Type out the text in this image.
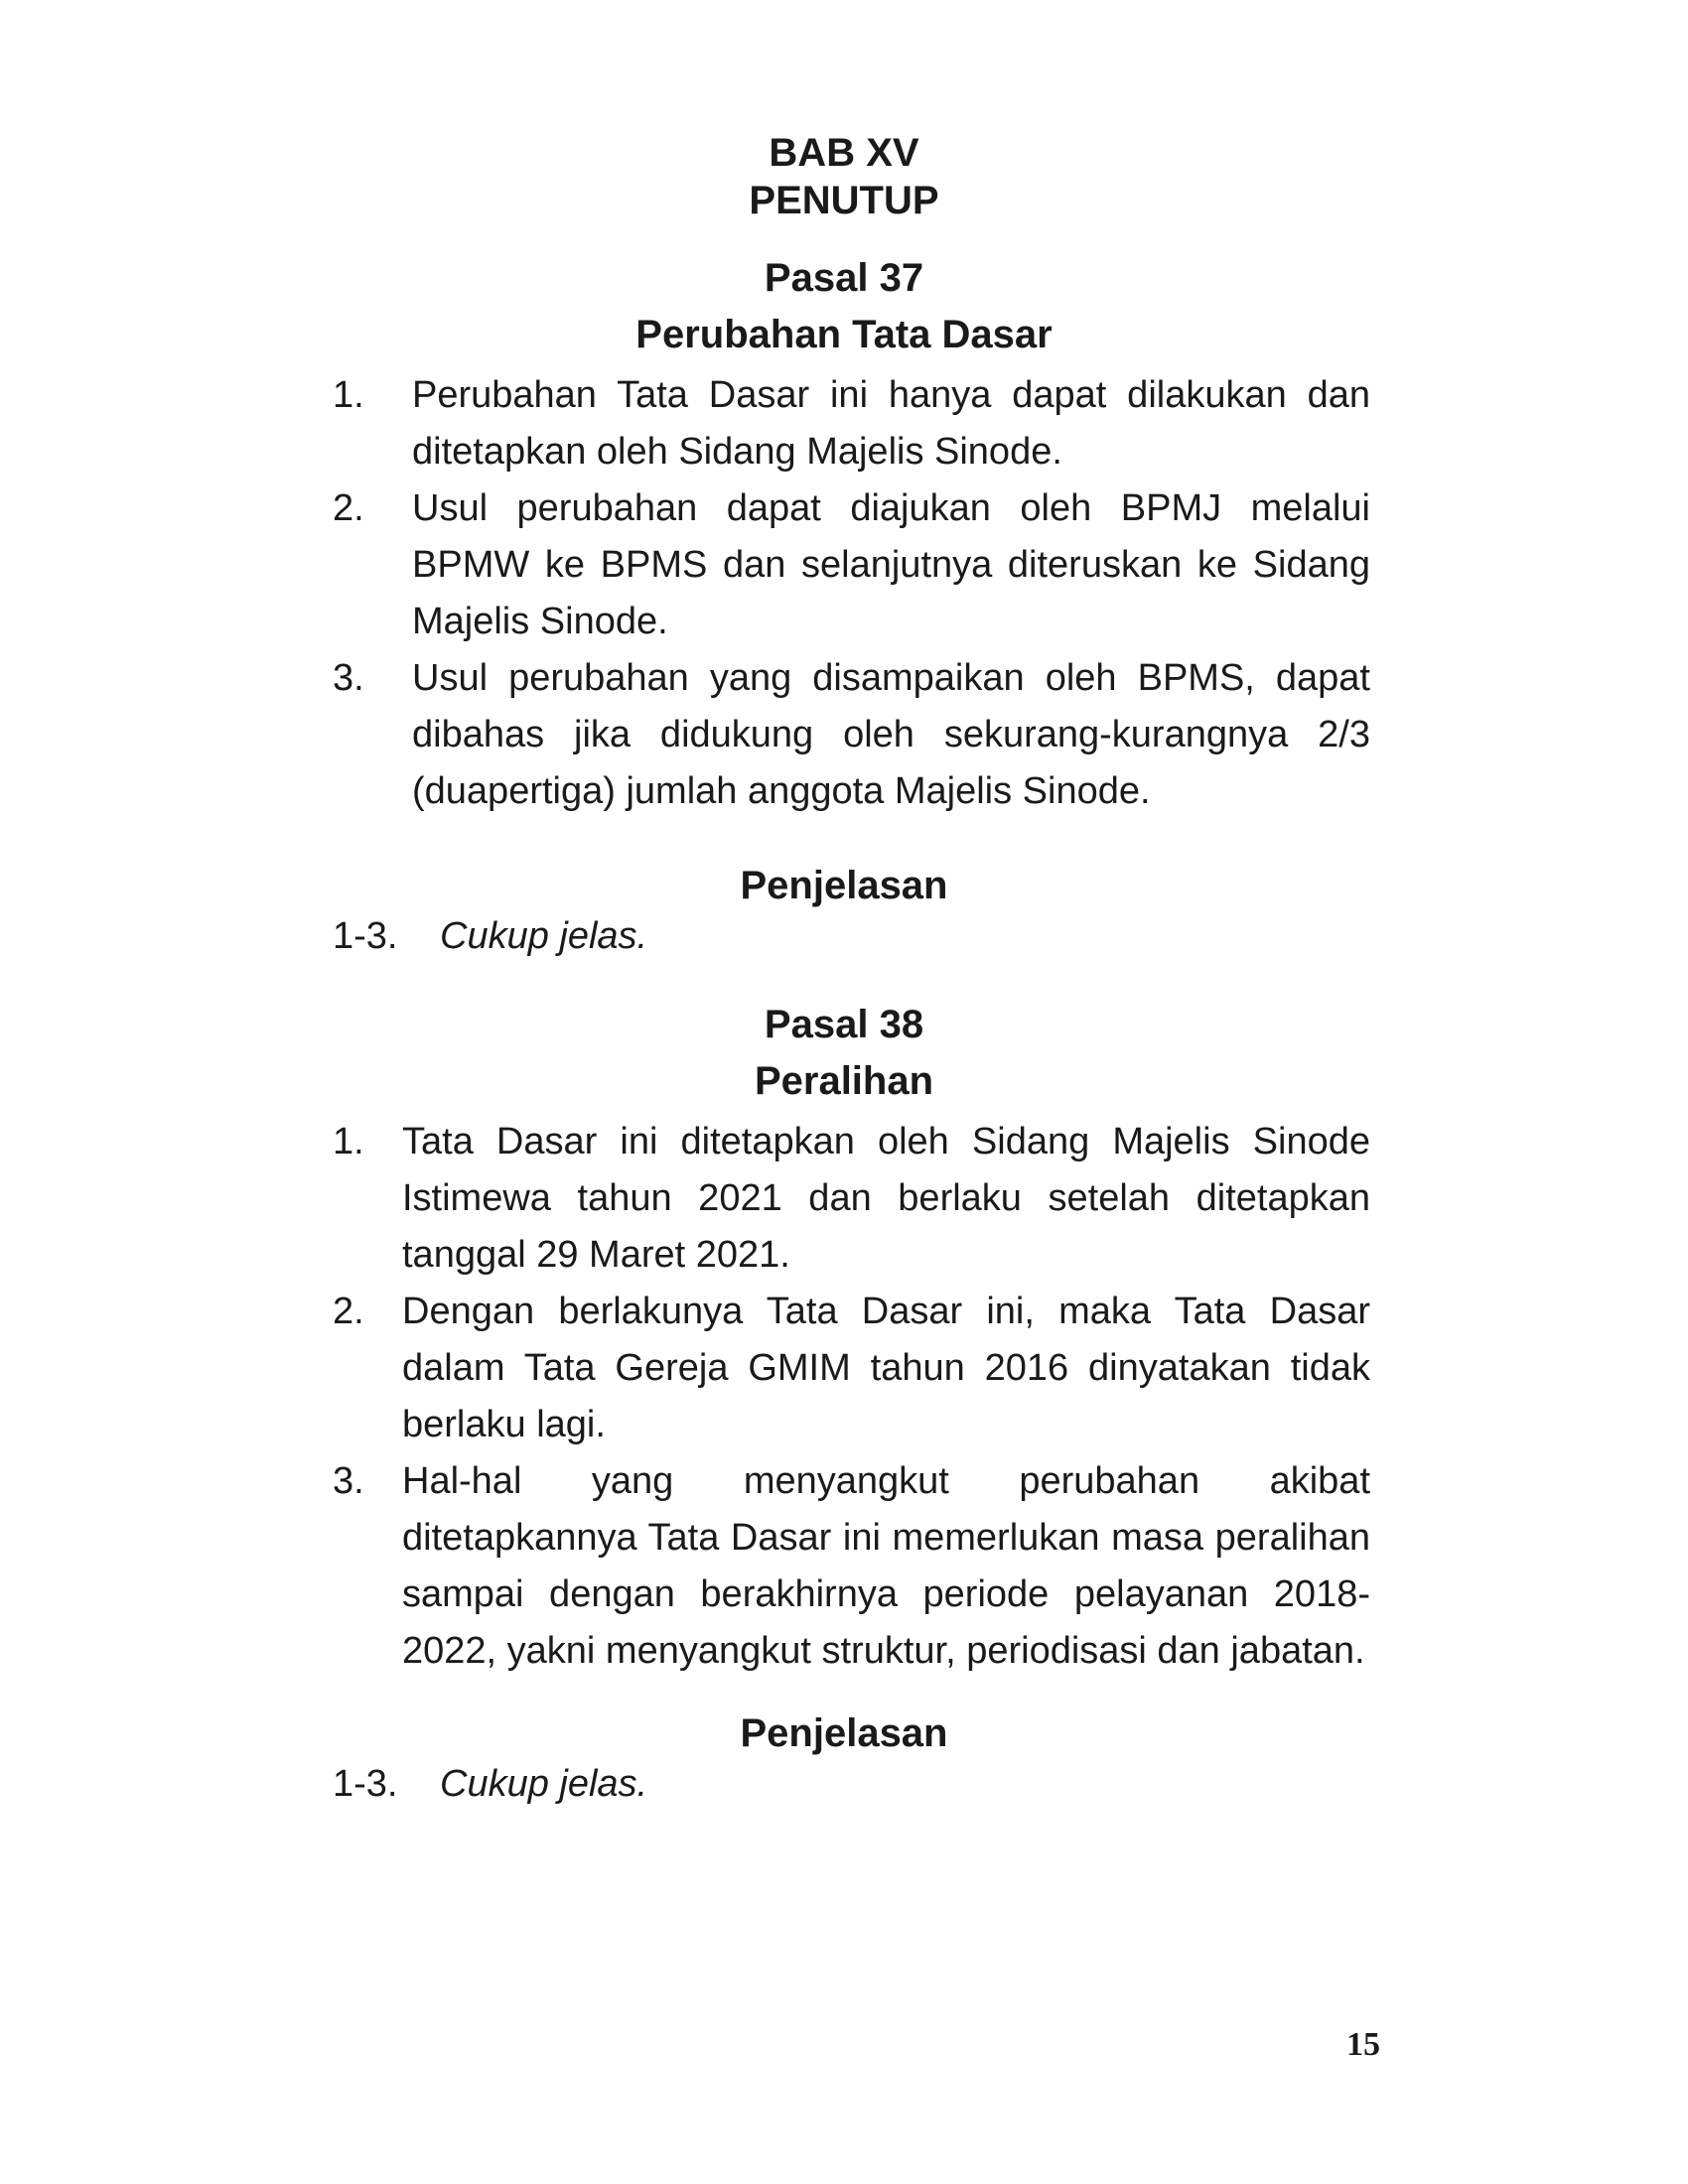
BAB XV
PENUTUP
Pasal 37
Perubahan Tata Dasar
1. Perubahan Tata Dasar ini hanya dapat dilakukan dan ditetapkan oleh Sidang Majelis Sinode.
2. Usul perubahan dapat diajukan oleh BPMJ melalui BPMW ke BPMS dan selanjutnya diteruskan ke Sidang Majelis Sinode.
3. Usul perubahan yang disampaikan oleh BPMS, dapat dibahas jika didukung oleh sekurang-kurangnya 2/3 (duapertiga) jumlah anggota Majelis Sinode.
Penjelasan

1-3. Cukup jelas.

Pasal 38
Peralihan
1. Tata Dasar ini ditetapkan oleh Sidang Majelis Sinode Istimewa tahun 2021 dan berlaku setelah ditetapkan tanggal 29 Maret 2021.
2. Dengan berlakunya Tata Dasar ini, maka Tata Dasar dalam Tata Gereja GMIM tahun 2016 dinyatakan tidak berlaku lagi.
3. Hal-hal yang menyangkut perubahan akibat ditetapkannya Tata Dasar ini memerlukan masa peralihan sampai dengan berakhirnya periode pelayanan 2018-2022, yakni menyangkut struktur, periodisasi dan jabatan.
Penjelasan

1-3. Cukup jelas.

15
